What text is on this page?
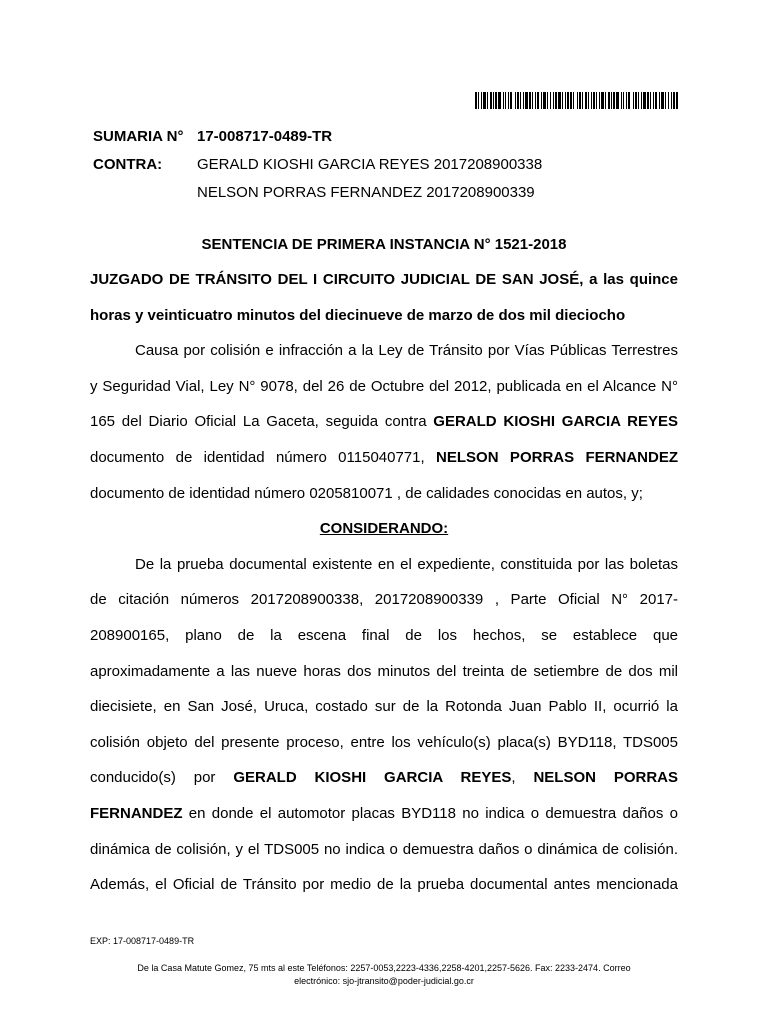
SUMARIA N° 17-008717-0489-TR
CONTRA: GERALD KIOSHI GARCIA REYES 2017208900338
NELSON PORRAS FERNANDEZ 2017208900339
SENTENCIA DE PRIMERA INSTANCIA N° 1521-2018
JUZGADO DE TRÁNSITO DEL I CIRCUITO JUDICIAL DE SAN JOSÉ, a las quince
horas y veinticuatro minutos del diecinueve de marzo de dos mil dieciocho
Causa por colisión e infracción a la Ley de Tránsito por Vías Públicas Terrestres
y Seguridad Vial, Ley N° 9078, del 26 de Octubre del 2012, publicada en el Alcance N°
165 del Diario Oficial La Gaceta, seguida contra GERALD KIOSHI GARCIA REYES
documento de identidad número 0115040771, NELSON PORRAS FERNANDEZ
documento de identidad número 0205810071 , de calidades conocidas en autos, y;
CONSIDERANDO:
De la prueba documental existente en el expediente, constituida por las boletas
de citación números 2017208900338, 2017208900339 , Parte Oficial N° 2017-
208900165, plano de la escena final de los hechos, se establece que
aproximadamente a las nueve horas dos minutos del treinta de setiembre de dos mil
diecisiete, en San José, Uruca, costado sur de la Rotonda Juan Pablo II, ocurrió la
colisión objeto del presente proceso, entre los vehículo(s) placa(s) BYD118, TDS005
conducido(s) por GERALD KIOSHI GARCIA REYES, NELSON PORRAS
FERNANDEZ en donde el automotor placas BYD118 no indica o demuestra daños o
dinámica de colisión, y el TDS005 no indica o demuestra daños o dinámica de colisión.
Además, el Oficial de Tránsito por medio de la prueba documental antes mencionada
EXP: 17-008717-0489-TR
De la Casa Matute Gomez, 75 mts al este Teléfonos: 2257-0053,2223-4336,2258-4201,2257-5626. Fax: 2233-2474. Correo
electrónico: sjo-jtransito@poder-judicial.go.cr
